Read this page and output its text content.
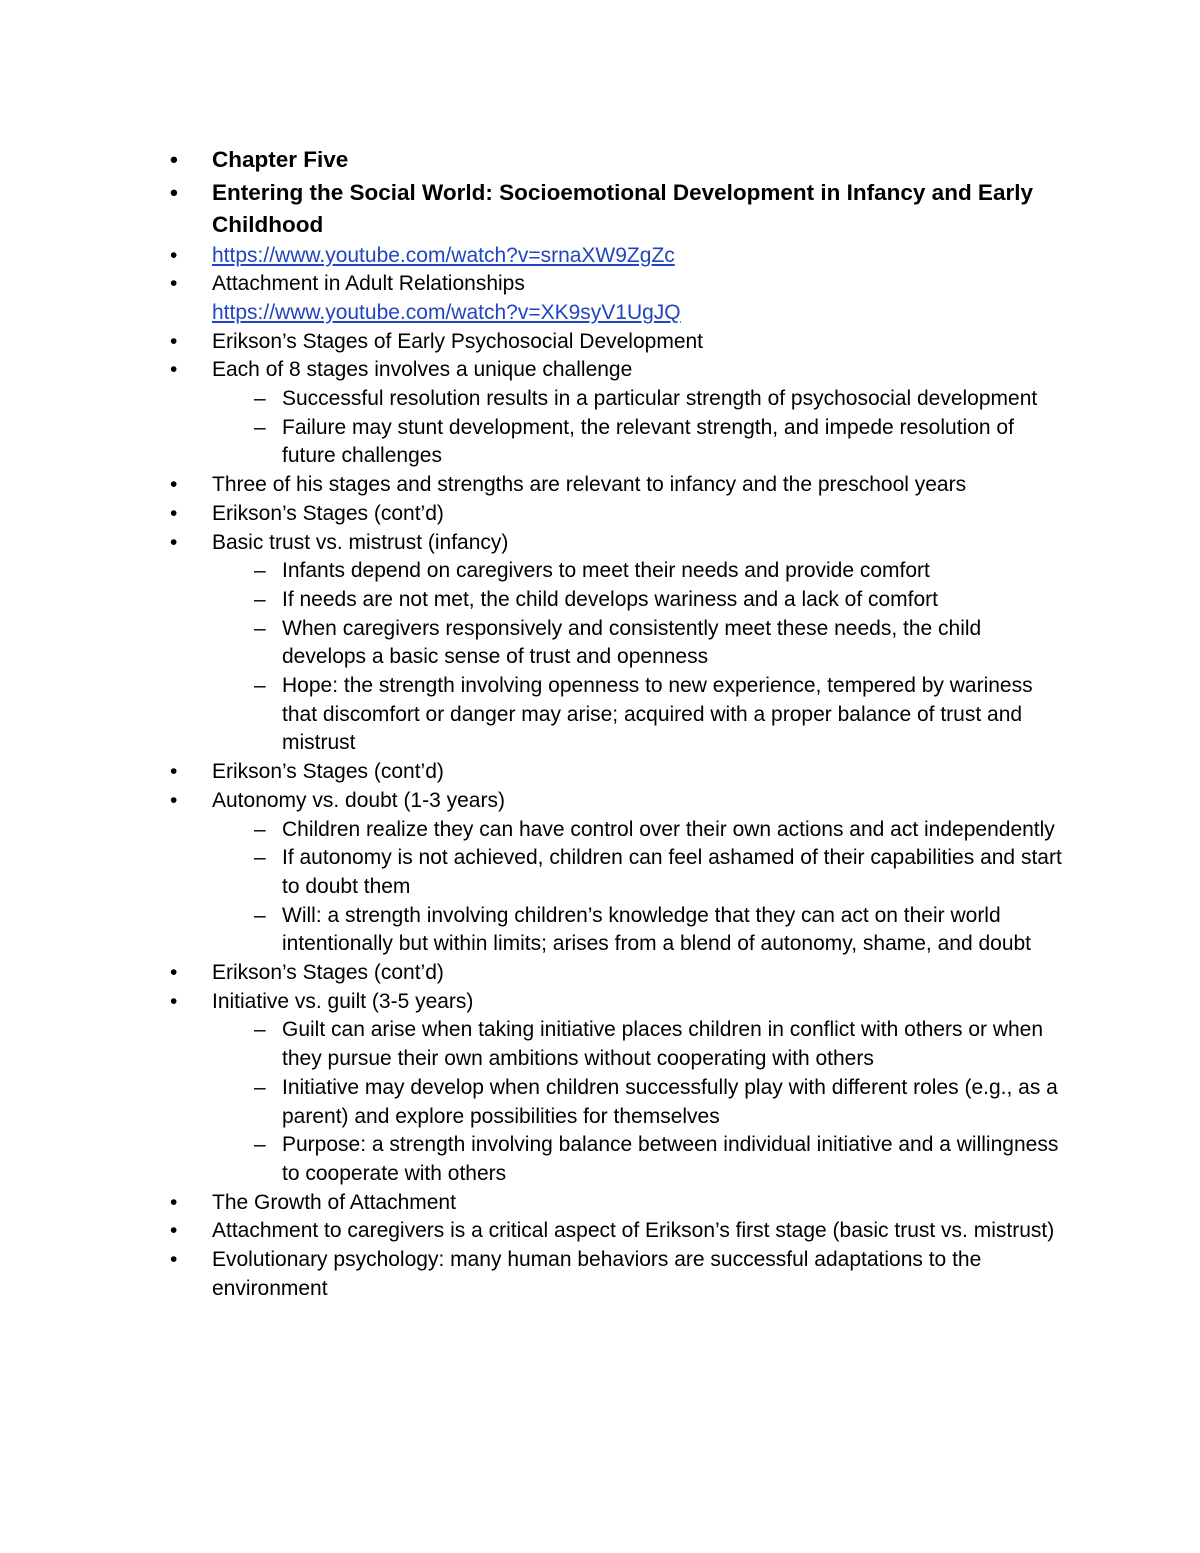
•	Chapter Five
•	Entering the Social World: Socioemotional Development in Infancy and Early Childhood
•	https://www.youtube.com/watch?v=srnaXW9ZgZc
•	Attachment in Adult Relationships
https://www.youtube.com/watch?v=XK9syV1UgJQ
•	Erikson’s Stages of Early Psychosocial Development
•	Each of 8 stages involves a unique challenge
– Successful resolution results in a particular strength of psychosocial development
– Failure may stunt development, the relevant strength, and impede resolution of future challenges
•	Three of his stages and strengths are relevant to infancy and the preschool years
•	Erikson’s Stages (cont’d)
•	Basic trust vs. mistrust (infancy)
– Infants depend on caregivers to meet their needs and provide comfort
– If needs are not met, the child develops wariness and a lack of comfort
– When caregivers responsively and consistently meet these needs, the child develops a basic sense of trust and openness
– Hope: the strength involving openness to new experience, tempered by wariness that discomfort or danger may arise; acquired with a proper balance of trust and mistrust
•	Erikson’s Stages (cont’d)
•	Autonomy vs. doubt (1-3 years)
– Children realize they can have control over their own actions and act independently
– If autonomy is not achieved, children can feel ashamed of their capabilities and start to doubt them
– Will: a strength involving children’s knowledge that they can act on their world intentionally but within limits; arises from a blend of autonomy, shame, and doubt
•	Erikson’s Stages (cont’d)
•	Initiative vs. guilt (3-5 years)
– Guilt can arise when taking initiative places children in conflict with others or when they pursue their own ambitions without cooperating with others
– Initiative may develop when children successfully play with different roles (e.g., as a parent) and explore possibilities for themselves
– Purpose: a strength involving balance between individual initiative and a willingness to cooperate with others
•	The Growth of Attachment
•	Attachment to caregivers is a critical aspect of Erikson’s first stage (basic trust vs. mistrust)
•	Evolutionary psychology: many human behaviors are successful adaptations to the environment
